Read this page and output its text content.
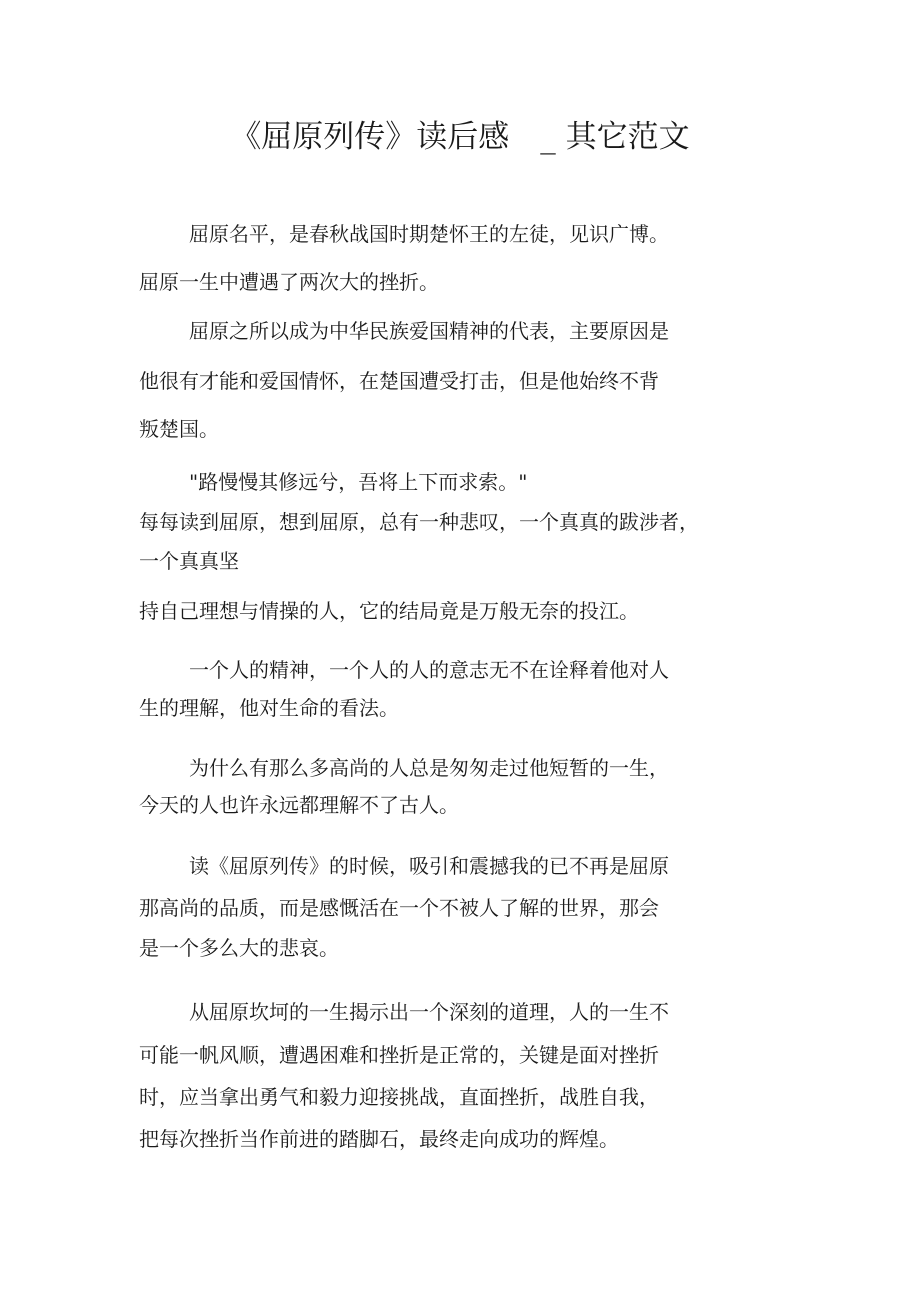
《屈原列传》读后感　_ 其它范文
屈原名平，是春秋战国时期楚怀王的左徒，见识广博。
屈原一生中遭遇了两次大的挫折。
屈原之所以成为中华民族爱国精神的代表，主要原因是
他很有才能和爱国情怀，在楚国遭受打击，但是他始终不背
叛楚国。
"路慢慢其修远兮，吾将上下而求索。"
每每读到屈原，想到屈原，总有一种悲叹，一个真真的跋涉者，
一个真真坚
持自己理想与情操的人，它的结局竟是万般无奈的投江。
一个人的精神，一个人的人的意志无不在诠释着他对人
生的理解，他对生命的看法。
为什么有那么多高尚的人总是匆匆走过他短暂的一生，
今天的人也许永远都理解不了古人。
读《屈原列传》的时候，吸引和震撼我的已不再是屈原
那高尚的品质，而是感慨活在一个不被人了解的世界，那会
是一个多么大的悲哀。
从屈原坎坷的一生揭示出一个深刻的道理，人的一生不
可能一帆风顺，遭遇困难和挫折是正常的，关键是面对挫折
时，应当拿出勇气和毅力迎接挑战，直面挫折，战胜自我，
把每次挫折当作前进的踏脚石，最终走向成功的辉煌。
